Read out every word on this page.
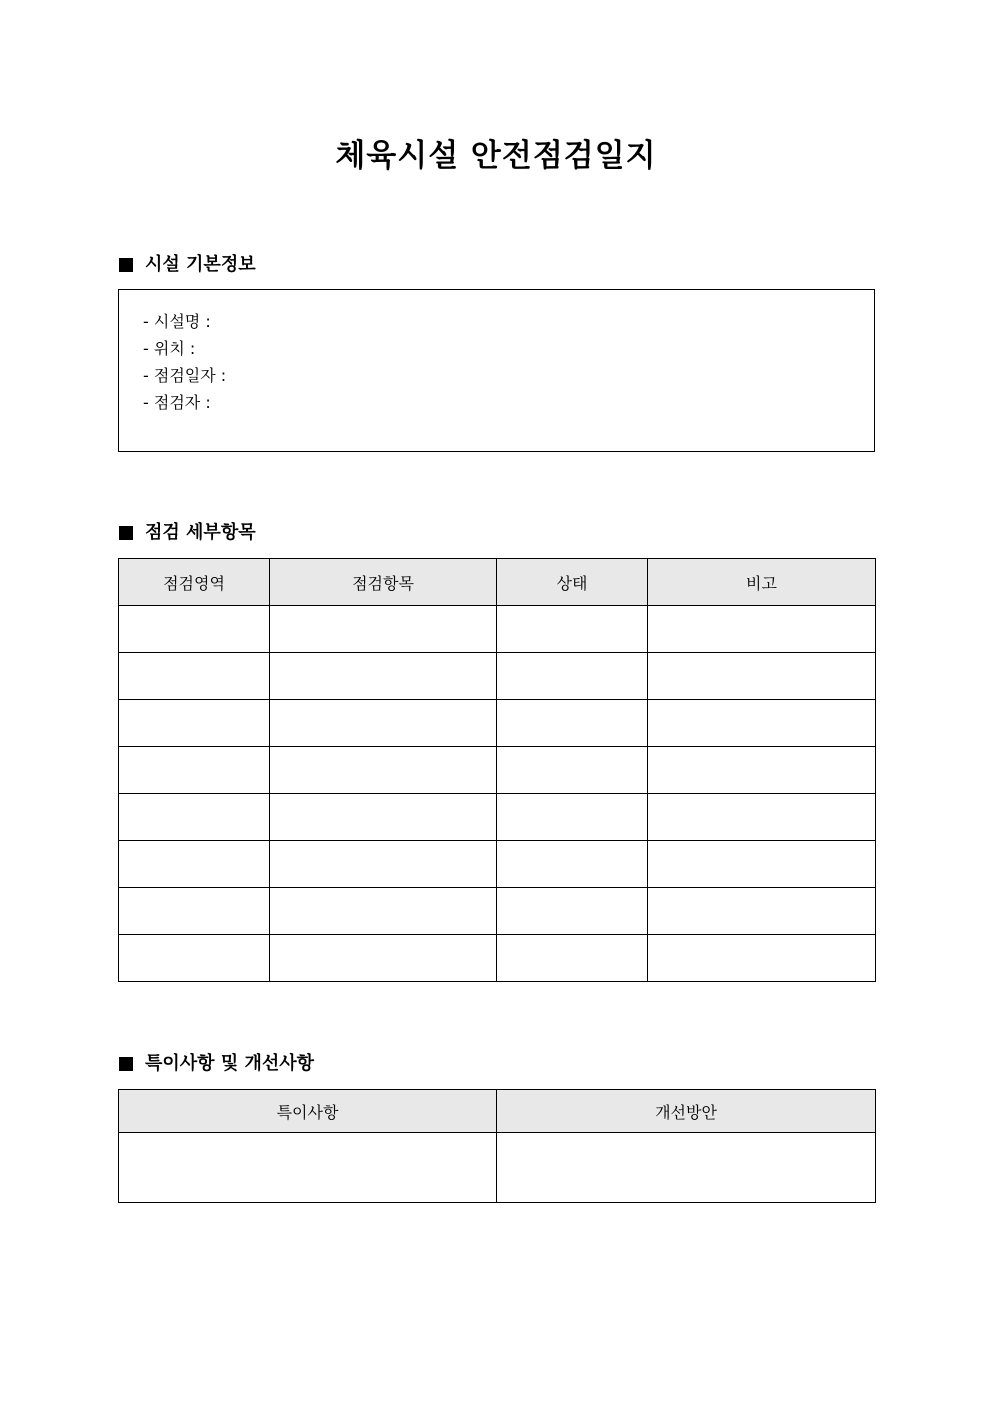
체육시설 안전점검일지
시설 기본정보
- 시설명 :
- 위치 :
- 점검일자 :
- 점검자 :
점검 세부항목
점검영역	점검항목	상태	비고

특이사항 및 개선사항
특이사항	개선방안
